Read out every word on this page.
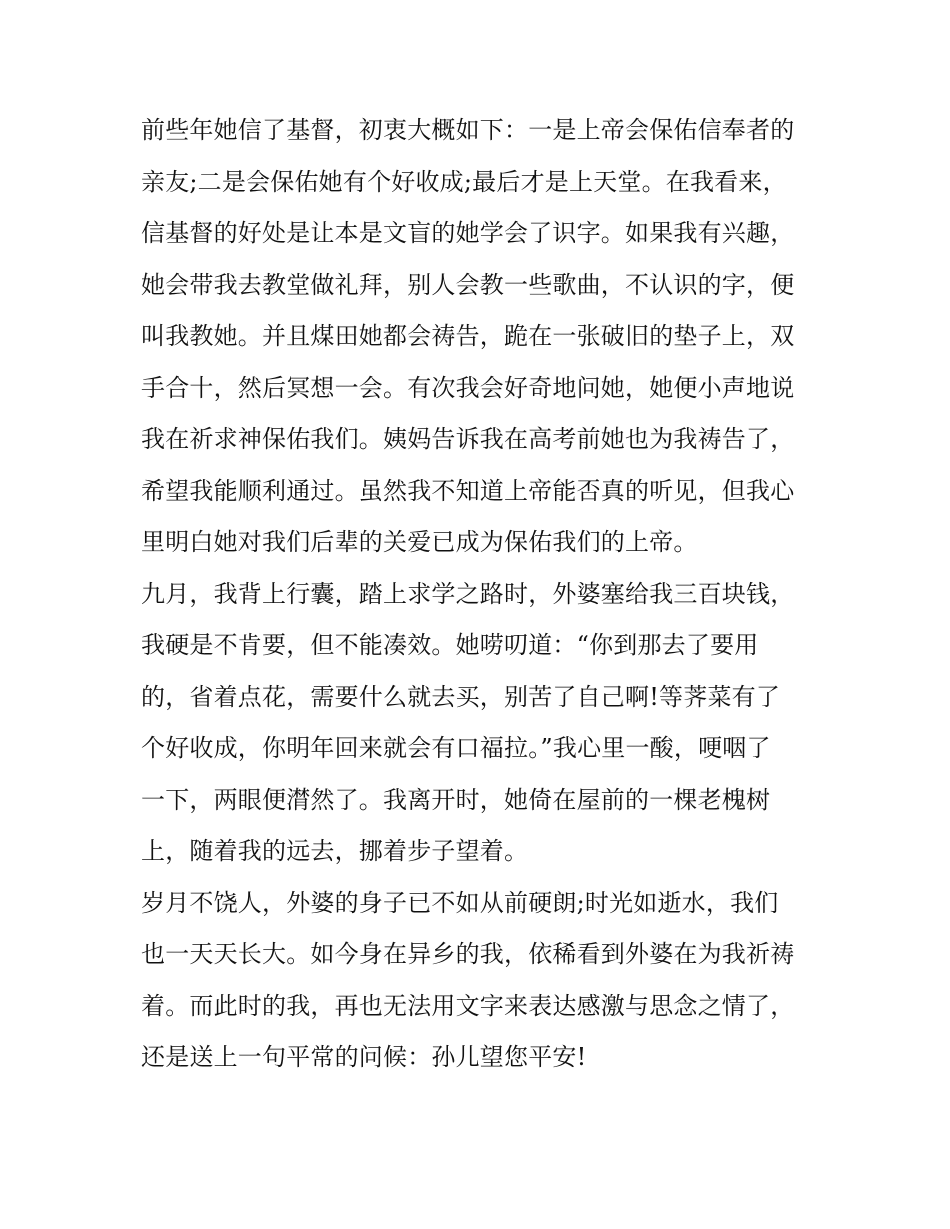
前些年她信了基督，初衷大概如下：一是上帝会保佑信奉者的
亲友;二是会保佑她有个好收成;最后才是上天堂。在我看来，
信基督的好处是让本是文盲的她学会了识字。如果我有兴趣，
她会带我去教堂做礼拜，别人会教一些歌曲，不认识的字，便
叫我教她。并且煤田她都会祷告，跪在一张破旧的垫子上，双
手合十，然后冥想一会。有次我会好奇地问她，她便小声地说
我在祈求神保佑我们。姨妈告诉我在高考前她也为我祷告了，
希望我能顺利通过。虽然我不知道上帝能否真的听见，但我心
里明白她对我们后辈的关爱已成为保佑我们的上帝。
九月，我背上行囊，踏上求学之路时，外婆塞给我三百块钱，
我硬是不肯要，但不能凑效。她唠叨道：“你到那去了要用
的，省着点花，需要什么就去买，别苦了自己啊!等荠菜有了
个好收成，你明年回来就会有口福拉。”我心里一酸，哽咽了
一下，两眼便潸然了。我离开时，她倚在屋前的一棵老槐树
上，随着我的远去，挪着步子望着。
岁月不饶人，外婆的身子已不如从前硬朗;时光如逝水，我们
也一天天长大。如今身在异乡的我，依稀看到外婆在为我祈祷
着。而此时的我，再也无法用文字来表达感激与思念之情了，
还是送上一句平常的问候：孙儿望您平安!
